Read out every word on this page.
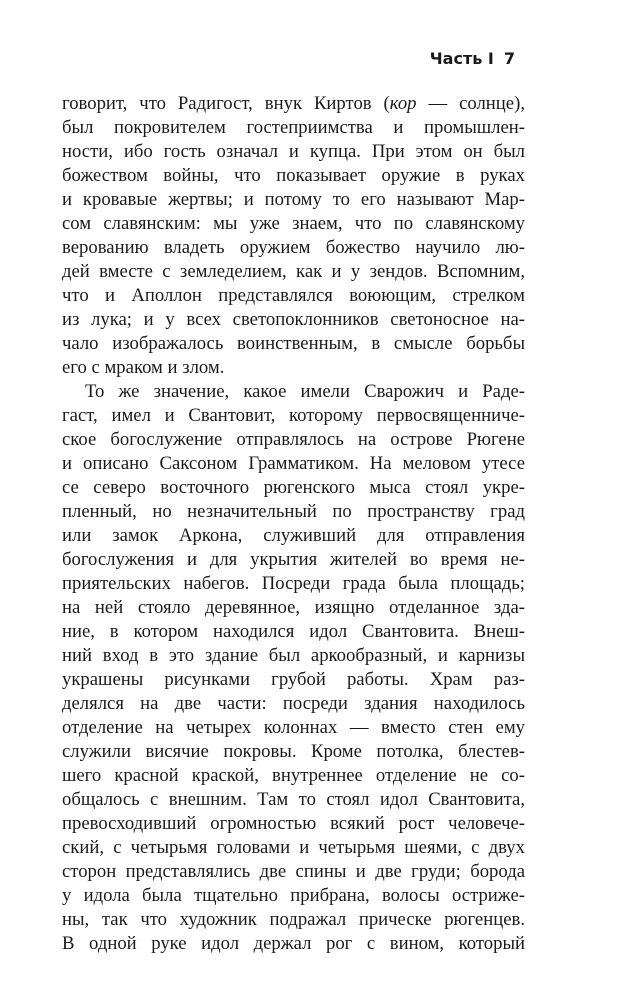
Часть I 7
говорит, что Радигост, внук Киртов (кор — солнце),
был покровителем гостеприимства и промышлен-
ности, ибо гость означал и купца. При этом он был
божеством войны, что показывает оружие в руках
и кровавые жертвы; и потому то его называют Мар-
сом славянским: мы уже знаем, что по славянскому
верованию владеть оружием божество научило лю-
дей вместе с земледелием, как и у зендов. Вспомним,
что и Аполлон представлялся воюющим, стрелком
из лука; и у всех светопоклонников светоносное на-
чало изображалось воинственным, в смысле борьбы
его с мраком и злом.
То же значение, какое имели Сварожич и Раде-
гаст, имел и Свантовит, которому первосвященниче-
ское богослужение отправлялось на острове Рюгене
и описано Саксоном Грамматиком. На меловом утесе
се северо восточного рюгенского мыса стоял укре-
пленный, но незначительный по пространству град
или замок Аркона, служивший для отправления
богослужения и для укрытия жителей во время не-
приятельских набегов. Посреди града была площадь;
на ней стояло деревянное, изящно отделанное зда-
ние, в котором находился идол Свантовита. Внеш-
ний вход в это здание был аркообразный, и карнизы
украшены рисунками грубой работы. Храм раз-
делялся на две части: посреди здания находилось
отделение на четырех колоннах — вместо стен ему
служили висячие покровы. Кроме потолка, блестев-
шего красной краской, внутреннее отделение не со-
общалось с внешним. Там то стоял идол Свантовита,
превосходивший огромностью всякий рост человече-
ский, с четырьмя головами и четырьмя шеями, с двух
сторон представлялись две спины и две груди; борода
у идола была тщательно прибрана, волосы остриже-
ны, так что художник подражал прическе рюгенцев.
В одной руке идол держал рог с вином, который
